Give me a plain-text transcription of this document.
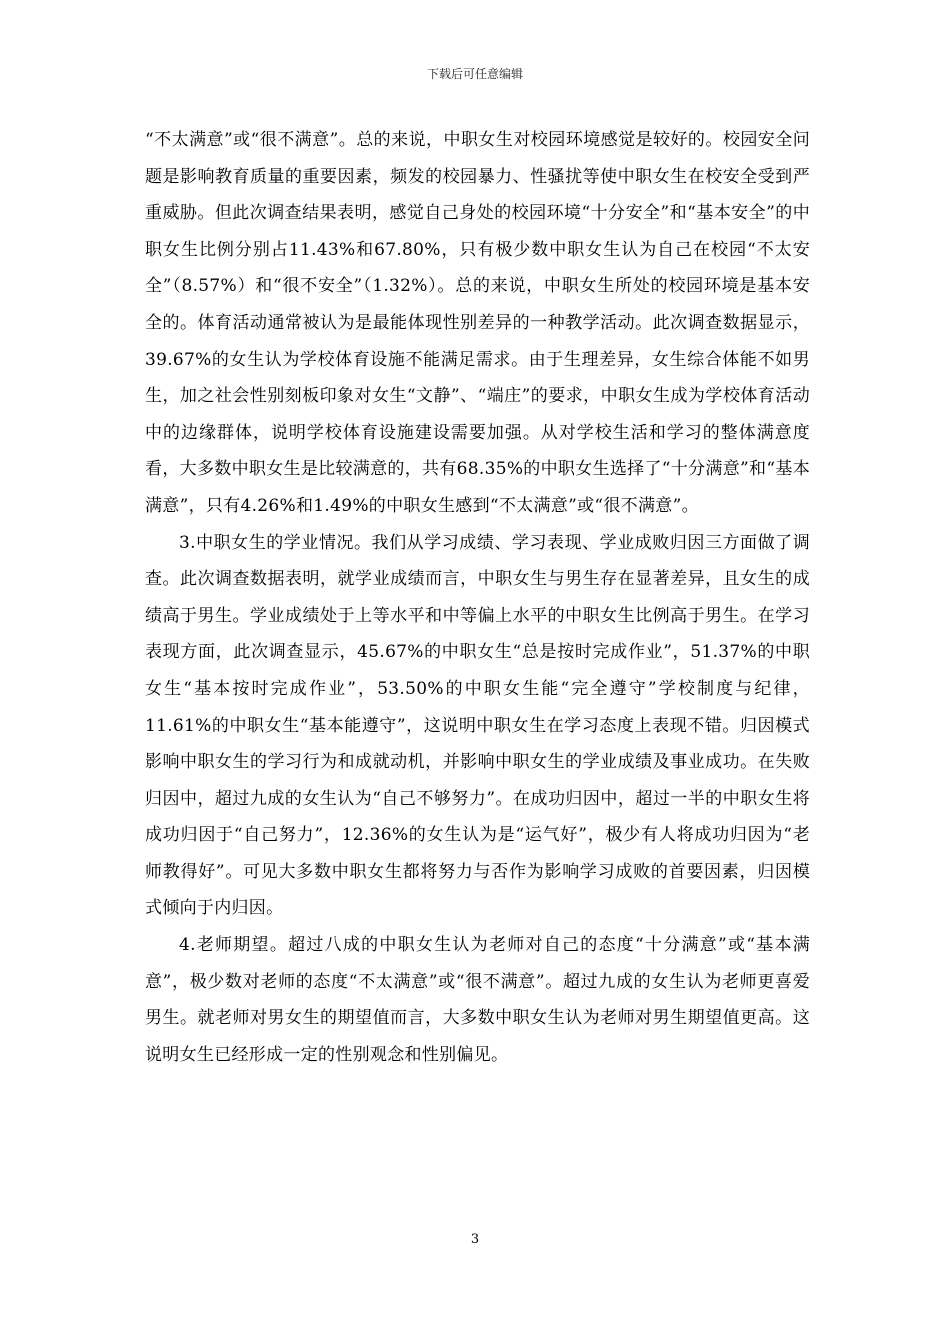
下载后可任意编辑

“不太满意”或“很不满意”。总的来说，中职女生对校园环境感觉是较好的。校园安全问题是影响教育质量的重要因素，频发的校园暴力、性骚扰等使中职女生在校安全受到严重威胁。但此次调查结果表明，感觉自己身处的校园环境“十分安全”和“基本安全”的中职女生比例分别占11.43%和67.80%，只有极少数中职女生认为自己在校园“不太安全”（8.57%）和“很不安全”（1.32%）。总的来说，中职女生所处的校园环境是基本安全的。体育活动通常被认为是最能体现性别差异的一种教学活动。此次调查数据显示，39.67%的女生认为学校体育设施不能满足需求。由于生理差异，女生综合体能不如男生，加之社会性别刻板印象对女生“文静”、“端庄”的要求，中职女生成为学校体育活动中的边缘群体，说明学校体育设施建设需要加强。从对学校生活和学习的整体满意度看，大多数中职女生是比较满意的，共有68.35%的中职女生选择了“十分满意”和“基本满意”，只有4.26%和1.49%的中职女生感到“不太满意”或“很不满意”。

3.中职女生的学业情况。我们从学习成绩、学习表现、学业成败归因三方面做了调查。此次调查数据表明，就学业成绩而言，中职女生与男生存在显著差异，且女生的成绩高于男生。学业成绩处于上等水平和中等偏上水平的中职女生比例高于男生。在学习表现方面，此次调查显示，45.67%的中职女生“总是按时完成作业”，51.37%的中职女生“基本按时完成作业”，53.50%的中职女生能“完全遵守”学校制度与纪律，11.61%的中职女生“基本能遵守”，这说明中职女生在学习态度上表现不错。归因模式影响中职女生的学习行为和成就动机，并影响中职女生的学业成绩及事业成功。在失败归因中，超过九成的女生认为“自己不够努力”。在成功归因中，超过一半的中职女生将成功归因于“自己努力”，12.36%的女生认为是“运气好”，极少有人将成功归因为“老师教得好”。可见大多数中职女生都将努力与否作为影响学习成败的首要因素，归因模式倾向于内归因。

4.老师期望。超过八成的中职女生认为老师对自己的态度“十分满意”或“基本满意”，极少数对老师的态度“不太满意”或“很不满意”。超过九成的女生认为老师更喜爱男生。就老师对男女生的期望值而言，大多数中职女生认为老师对男生期望值更高。这说明女生已经形成一定的性别观念和性别偏见。

3
